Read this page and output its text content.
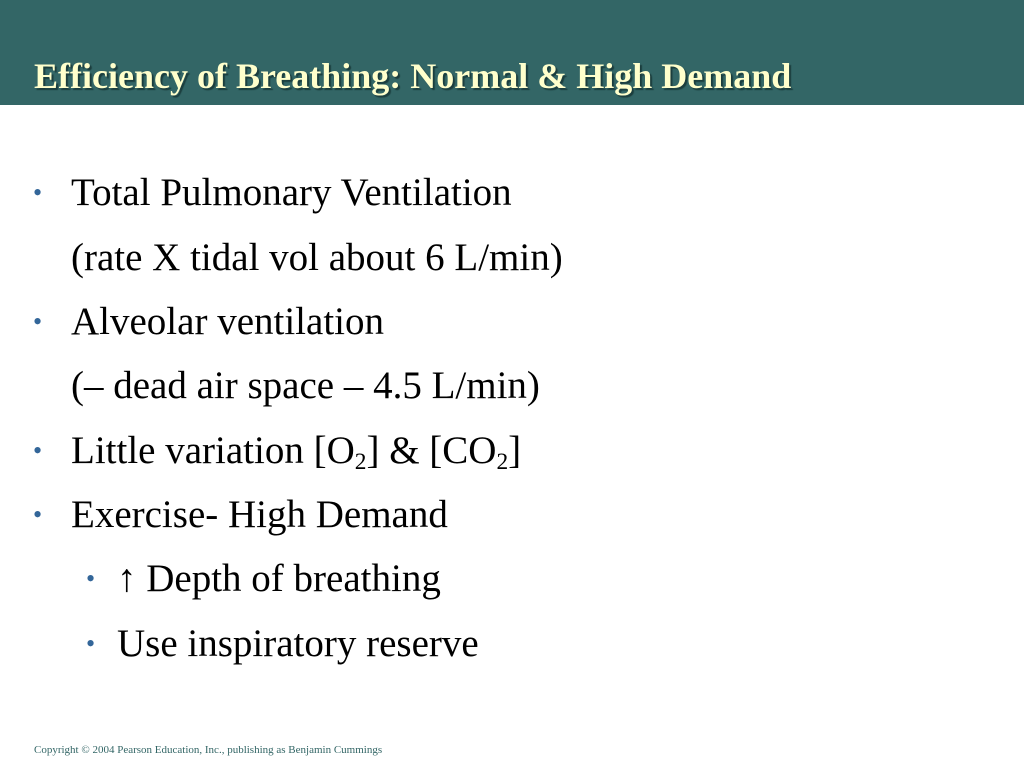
Efficiency of Breathing: Normal & High Demand
• Total Pulmonary Ventilation
(rate X tidal vol about 6 L/min)
• Alveolar ventilation
(– dead air space – 4.5 L/min)
• Little variation $[O_2]$ & $[CO_2]$
• Exercise- High Demand
• ↑ Depth of breathing
• Use inspiratory reserve
Copyright © 2004 Pearson Education, Inc., publishing as Benjamin Cummings
